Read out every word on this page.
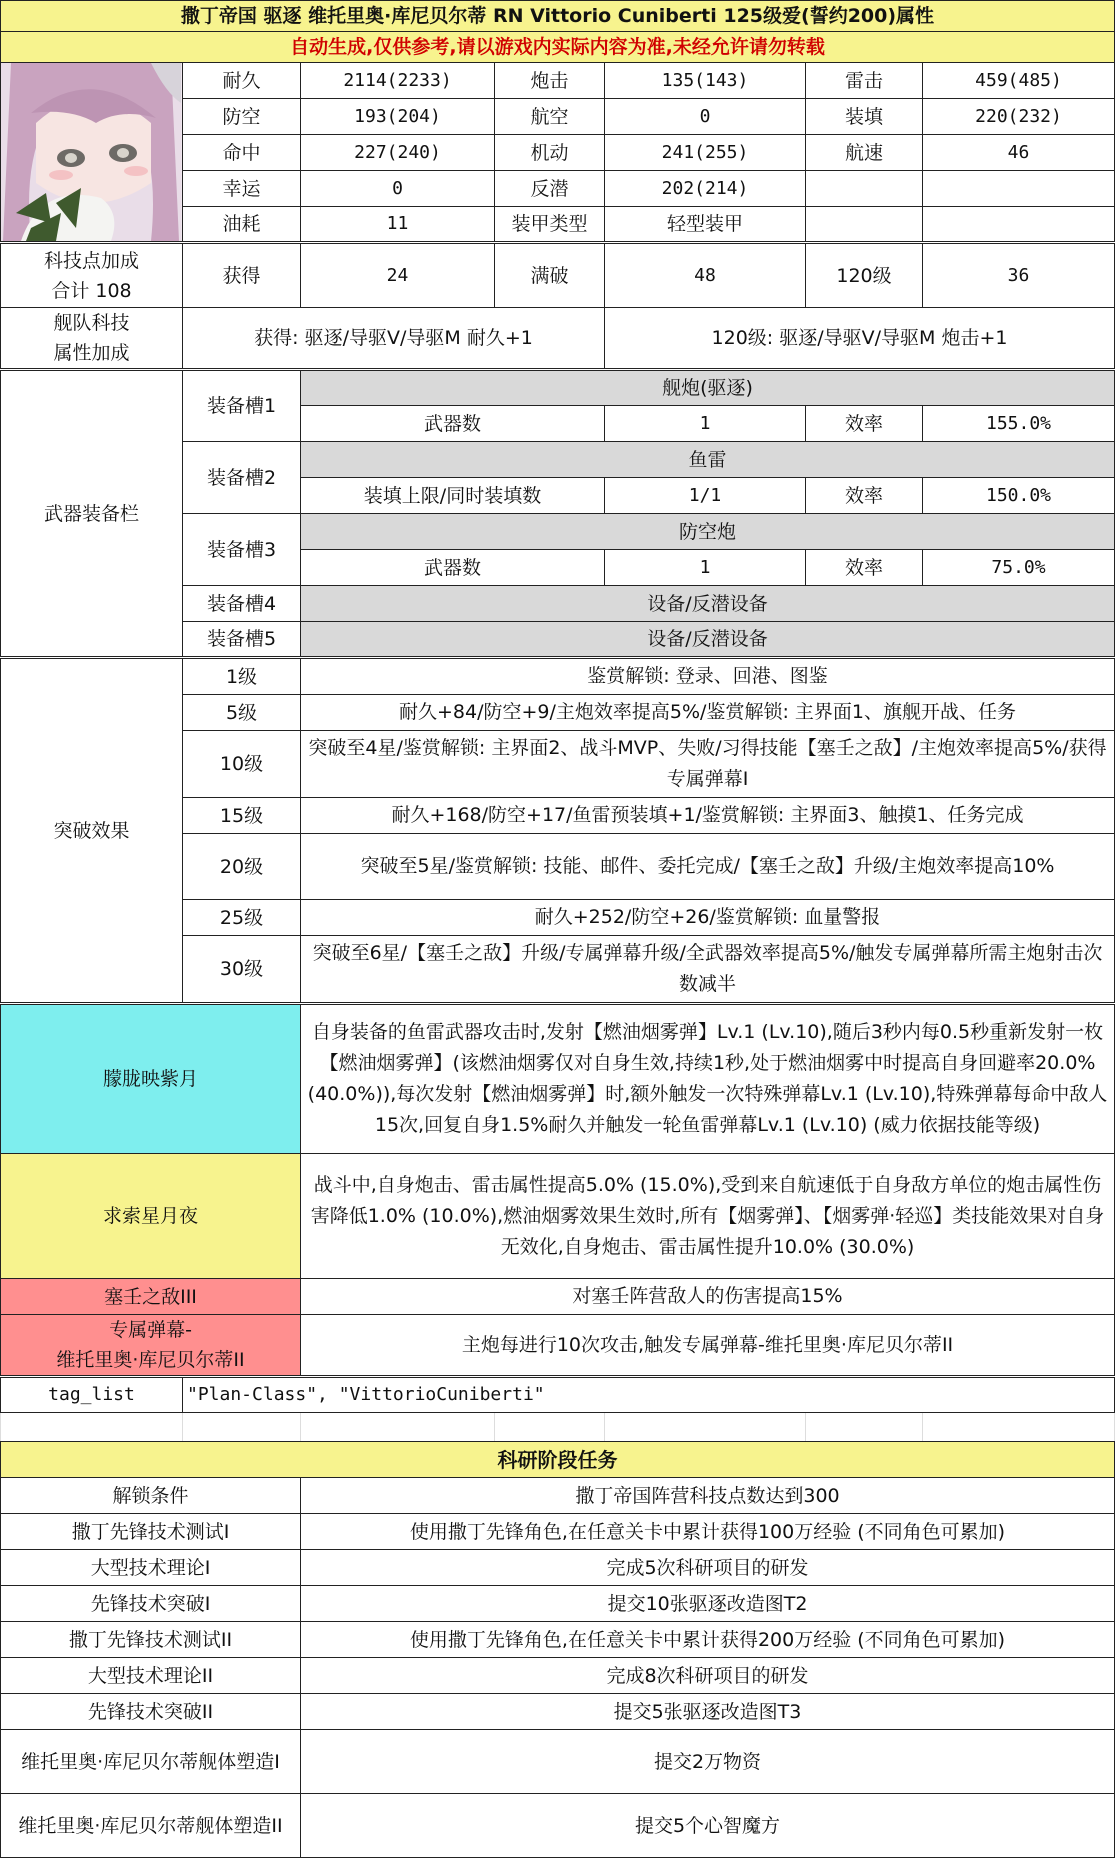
撒丁帝国 驱逐 维托里奥·库尼贝尔蒂 RN Vittorio Cuniberti 125级爱(誓约200)属性						
自动生成,仅供参考,请以游戏内实际内容为准,未经允许请勿转载						

	耐久	2114(2233)	炮击	135(143)	雷击	459(485)
	防空	193(204)	航空	0	装填	220(232)
	命中	227(240)	机动	241(255)	航速	46
	幸运	0	反潜	202(214)		
	油耗	11	装甲类型	轻型装甲		

科技点加成
合计 108	获得	24	满破	48	120级	36

舰队科技
属性加成	获得: 驱逐/导驱V/导驱M 耐久+1			120级: 驱逐/导驱V/导驱M 炮击+1		
武器装备栏	装备槽1	舰炮(驱逐)				
		武器数		1	效率	155.0%
	装备槽2	鱼雷				
		装填上限/同时装填数		1/1	效率	150.0%
	装备槽3	防空炮				
		武器数		1	效率	75.0%
	装备槽4	设备/反潜设备				
	装备槽5	设备/反潜设备				
突破效果	1级	鉴赏解锁: 登录、回港、图鉴				
	5级	耐久+84/防空+9/主炮效率提高5%/鉴赏解锁: 主界面1、旗舰开战、任务				
	10级	突破至4星/鉴赏解锁: 主界面2、战斗MVP、失败/习得技能【塞壬之敌】/主炮效率提高5%/获得专属弹幕I				
	15级	耐久+168/防空+17/鱼雷预装填+1/鉴赏解锁: 主界面3、触摸1、任务完成				
	20级	突破至5星/鉴赏解锁: 技能、邮件、委托完成/【塞壬之敌】升级/主炮效率提高10%				
	25级	耐久+252/防空+26/鉴赏解锁: 血量警报				
	30级	突破至6星/【塞壬之敌】升级/专属弹幕升级/全武器效率提高5%/触发专属弹幕所需主炮射击次数减半				
朦胧映紫月		自身装备的鱼雷武器攻击时,发射【燃油烟雾弹】Lv.1 (Lv.10),随后3秒内每0.5秒重新发射一枚【燃油烟雾弹】(该燃油烟雾仅对自身生效,持续1秒,处于燃油烟雾中时提高自身回避率20.0% (40.0%)),每次发射【燃油烟雾弹】时,额外触发一次特殊弹幕Lv.1 (Lv.10),特殊弹幕每命中敌人15次,回复自身1.5%耐久并触发一轮鱼雷弹幕Lv.1 (Lv.10) (威力依据技能等级)				
求索星月夜		战斗中,自身炮击、雷击属性提高5.0% (15.0%),受到来自航速低于自身敌方单位的炮击属性伤害降低1.0% (10.0%),燃油烟雾效果生效时,所有【烟雾弹】、【烟雾弹·轻巡】类技能效果对自身无效化,自身炮击、雷击属性提升10.0% (30.0%)				
塞壬之敌III		对塞壬阵营敌人的伤害提高15%				

专属弹幕-
维托里奥·库尼贝尔蒂II		主炮每进行10次攻击,触发专属弹幕-维托里奥·库尼贝尔蒂II				
tag_list	"Plan-Class", "VittorioCuniberti"					

科研阶段任务						
解锁条件		撒丁帝国阵营科技点数达到300				
撒丁先锋技术测试I		使用撒丁先锋角色,在任意关卡中累计获得100万经验 (不同角色可累加)				
大型技术理论I		完成5次科研项目的研发				
先锋技术突破I		提交10张驱逐改造图T2				
撒丁先锋技术测试II		使用撒丁先锋角色,在任意关卡中累计获得200万经验 (不同角色可累加)				
大型技术理论II		完成8次科研项目的研发				
先锋技术突破II		提交5张驱逐改造图T3				
维托里奥·库尼贝尔蒂舰体塑造I		提交2万物资				
维托里奥·库尼贝尔蒂舰体塑造II		提交5个心智魔方				
